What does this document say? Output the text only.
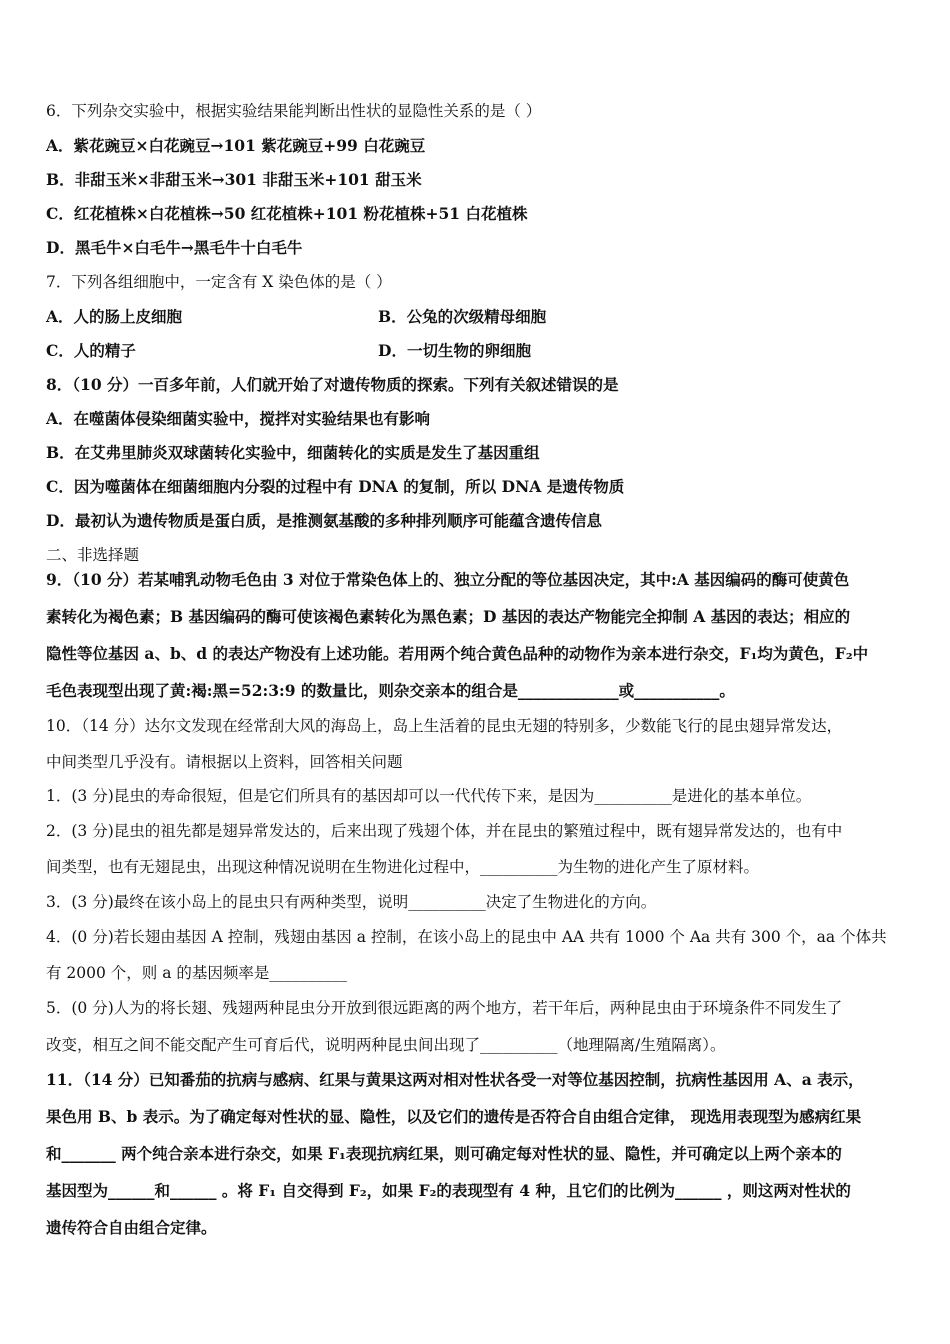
6．下列杂交实验中，根据实验结果能判断出性状的显隐性关系的是（ ）
A．紫花豌豆×白花豌豆→101 紫花豌豆+99 白花豌豆
B．非甜玉米×非甜玉米→301 非甜玉米+101 甜玉米
C．红花植株×白花植株→50 红花植株+101 粉花植株+51 白花植株
D．黑毛牛×白毛牛→黑毛牛十白毛牛
7．下列各组细胞中，一定含有 X 染色体的是（ ）
A．人的肠上皮细胞	B．公兔的次级精母细胞
C．人的精子	D．一切生物的卵细胞
8．（10 分）一百多年前，人们就开始了对遗传物质的探索。下列有关叙述错误的是
A．在噬菌体侵染细菌实验中，搅拌对实验结果也有影响
B．在艾弗里肺炎双球菌转化实验中，细菌转化的实质是发生了基因重组
C．因为噬菌体在细菌细胞内分裂的过程中有 DNA 的复制，所以 DNA 是遗传物质
D．最初认为遗传物质是蛋白质，是推测氨基酸的多种排列顺序可能蕴含遗传信息
二、非选择题
9．（10 分）若某哺乳动物毛色由 3 对位于常染色体上的、独立分配的等位基因决定，其中:A 基因编码的酶可使黄色
素转化为褐色素；B 基因编码的酶可使该褐色素转化为黑色素；D 基因的表达产物能完全抑制 A 基因的表达；相应的
隐性等位基因 a、b、d 的表达产物没有上述功能。若用两个纯合黄色品种的动物作为亲本进行杂交，F₁均为黄色，F₂中
毛色表现型出现了黄:褐:黑=52:3:9 的数量比，则杂交亲本的组合是_____________或___________。
10．（14 分）达尔文发现在经常刮大风的海岛上，岛上生活着的昆虫无翅的特别多，少数能飞行的昆虫翅异常发达，
中间类型几乎没有。请根据以上资料，回答相关问题
1．(3 分)昆虫的寿命很短，但是它们所具有的基因却可以一代代传下来，是因为__________是进化的基本单位。
2．(3 分)昆虫的祖先都是翅异常发达的，后来出现了残翅个体，并在昆虫的繁殖过程中，既有翅异常发达的，也有中
间类型，也有无翅昆虫，出现这种情况说明在生物进化过程中，__________为生物的进化产生了原材料。
3．(3 分)最终在该小岛上的昆虫只有两种类型，说明__________决定了生物进化的方向。
4．(0 分)若长翅由基因 A 控制，残翅由基因 a 控制，在该小岛上的昆虫中 AA 共有 1000 个 Aa 共有 300 个，aa 个体共
有 2000 个，则 a 的基因频率是__________
5．(0 分)人为的将长翅、残翅两种昆虫分开放到很远距离的两个地方，若干年后，两种昆虫由于环境条件不同发生了
改变，相互之间不能交配产生可育后代，说明两种昆虫间出现了__________（地理隔离/生殖隔离）。
11．（14 分）已知番茄的抗病与感病、红果与黄果这两对相对性状各受一对等位基因控制，抗病性基因用 A、a 表示，
果色用 B、b 表示。为了确定每对性状的显、隐性，以及它们的遗传是否符合自由组合定律， 现选用表现型为感病红果
和_______ 两个纯合亲本进行杂交，如果 F₁表现抗病红果，则可确定每对性状的显、隐性，并可确定以上两个亲本的
基因型为______和______ 。将 F₁ 自交得到 F₂，如果 F₂的表现型有 4 种，且它们的比例为______ ，则这两对性状的
遗传符合自由组合定律。
